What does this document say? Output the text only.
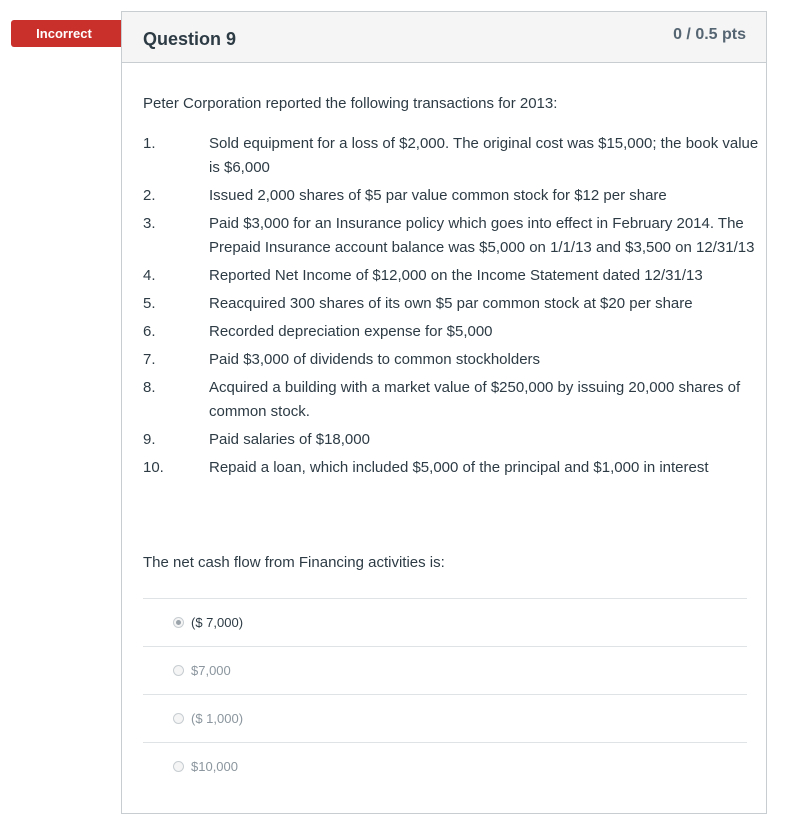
Incorrect	Question 9	0 / 0.5 pts

Peter Corporation reported the following transactions for 2013:

1.	Sold equipment for a loss of $2,000. The original cost was $15,000; the book value is $6,000
2.	Issued 2,000 shares of $5 par value common stock for $12 per share
3.	Paid $3,000 for an Insurance policy which goes into effect in February 2014. The Prepaid Insurance account balance was $5,000 on 1/1/13 and $3,500 on 12/31/13
4.	Reported Net Income of $12,000 on the Income Statement dated 12/31/13
5.	Reacquired 300 shares of its own $5 par common stock at $20 per share
6.	Recorded depreciation expense for $5,000
7.	Paid $3,000 of dividends to common stockholders
8.	Acquired a building with a market value of $250,000 by issuing 20,000 shares of common stock.
9.	Paid salaries of $18,000
10.	Repaid a loan, which included $5,000 of the principal and $1,000 in interest
The net cash flow from Financing activities is:
($ 7,000)
$7,000
($ 1,000)
$10,000
